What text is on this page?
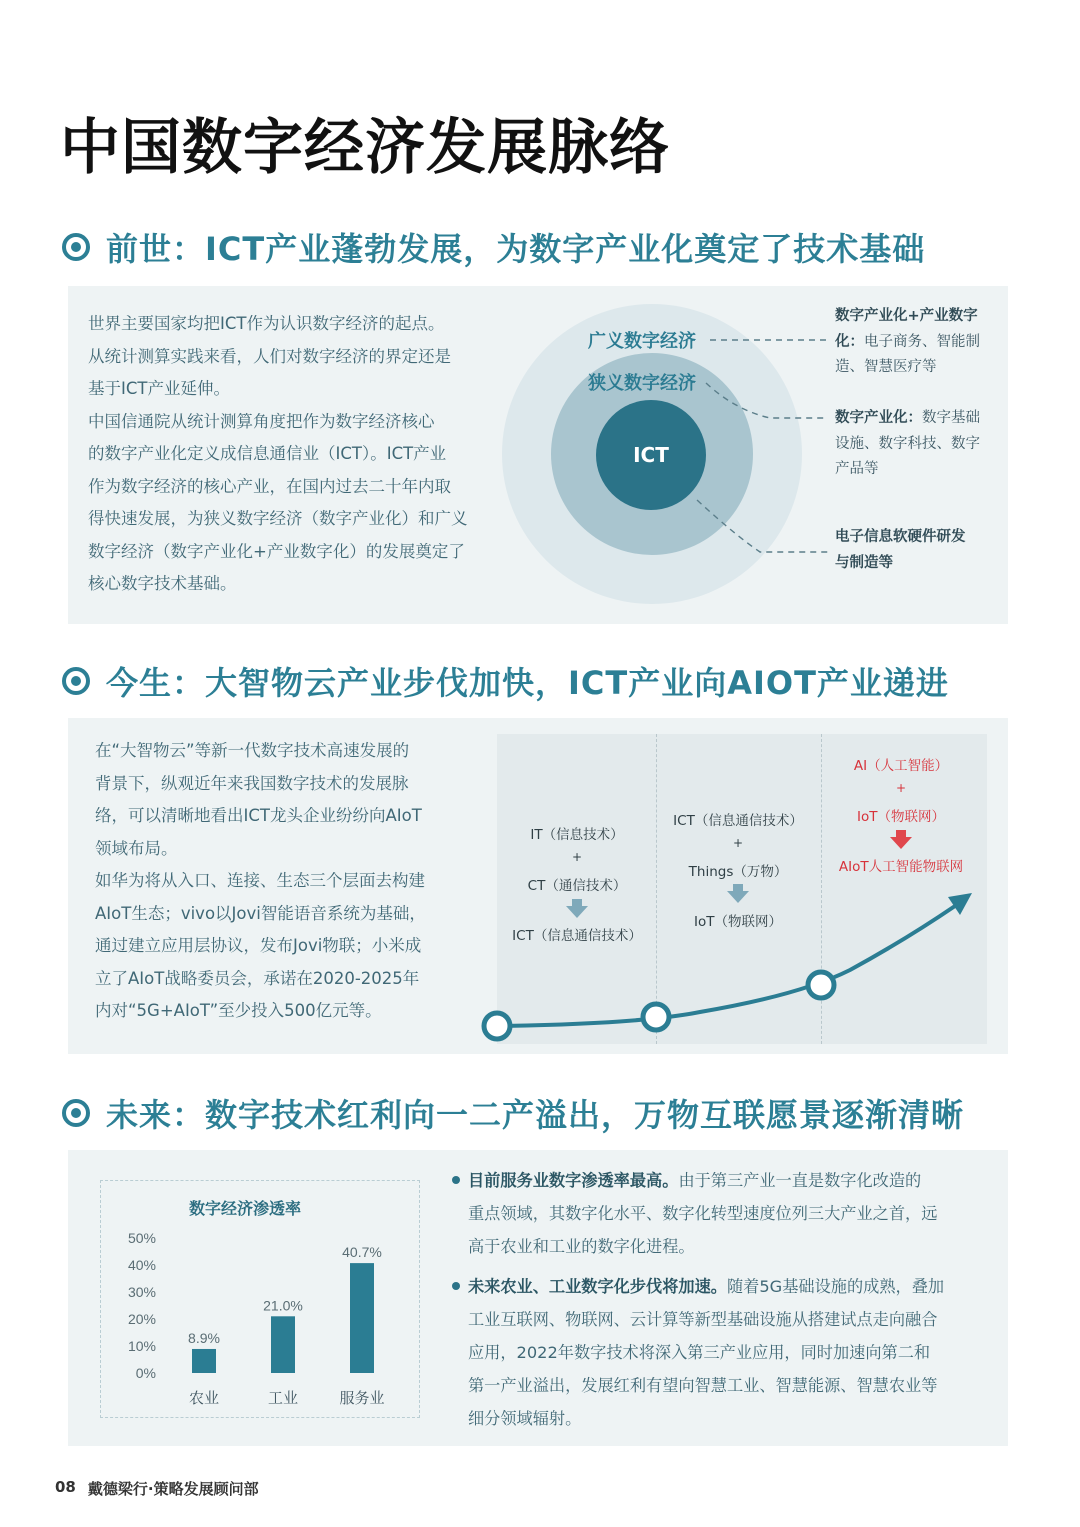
中国数字经济发展脉络
前世：ICT产业蓬勃发展，为数字产业化奠定了技术基础
世界主要国家均把ICT作为认识数字经济的起点。
从统计测算实践来看，人们对数字经济的界定还是
基于ICT产业延伸。
中国信通院从统计测算角度把作为数字经济核心
的数字产业化定义成信息通信业（ICT）。ICT产业
作为数字经济的核心产业，在国内过去二十年内取
得快速发展，为狭义数字经济（数字产业化）和广义
数字经济（数字产业化+产业数字化）的发展奠定了
核心数字技术基础。
ICT
广义数字经济
狭义数字经济
数字产业化+产业数字化：电子商务、智能制造、智慧医疗等
数字产业化：数字基础设施、数字科技、数字产品等
电子信息软硬件研发与制造等
今生：大智物云产业步伐加快，ICT产业向AIOT产业递进
在“大智物云”等新一代数字技术高速发展的
背景下，纵观近年来我国数字技术的发展脉
络，可以清晰地看出ICT龙头企业纷纷向AIoT
领域布局。
如华为将从入口、连接、生态三个层面去构建
AIoT生态；vivo以Jovi智能语音系统为基础，
通过建立应用层协议，发布Jovi物联；小米成
立了AIoT战略委员会，承诺在2020-2025年
内对“5G+AIoT”至少投入500亿元等。
IT（信息技术）
+
CT（通信技术）
ICT（信息通信技术）
ICT（信息通信技术）
+
Things（万物）
IoT（物联网）
AI（人工智能）
+
IoT（物联网）
AIoT人工智能物联网
未来：数字技术红利向一二产溢出，万物互联愿景逐渐清晰
数字经济渗透率
0%
10%
20%
30%
40%
50%
8.9%
农业
21.0%
工业
40.7%
服务业
目前服务业数字渗透率最高。由于第三产业一直是数字化改造的
重点领域，其数字化水平、数字化转型速度位列三大产业之首，远
高于农业和工业的数字化进程。
未来农业、工业数字化步伐将加速。随着5G基础设施的成熟，叠加
工业互联网、物联网、云计算等新型基础设施从搭建试点走向融合
应用，2022年数字技术将深入第三产业应用，同时加速向第二和
第一产业溢出，发展红利有望向智慧工业、智慧能源、智慧农业等
细分领域辐射。
08 戴德梁行·策略发展顾问部
